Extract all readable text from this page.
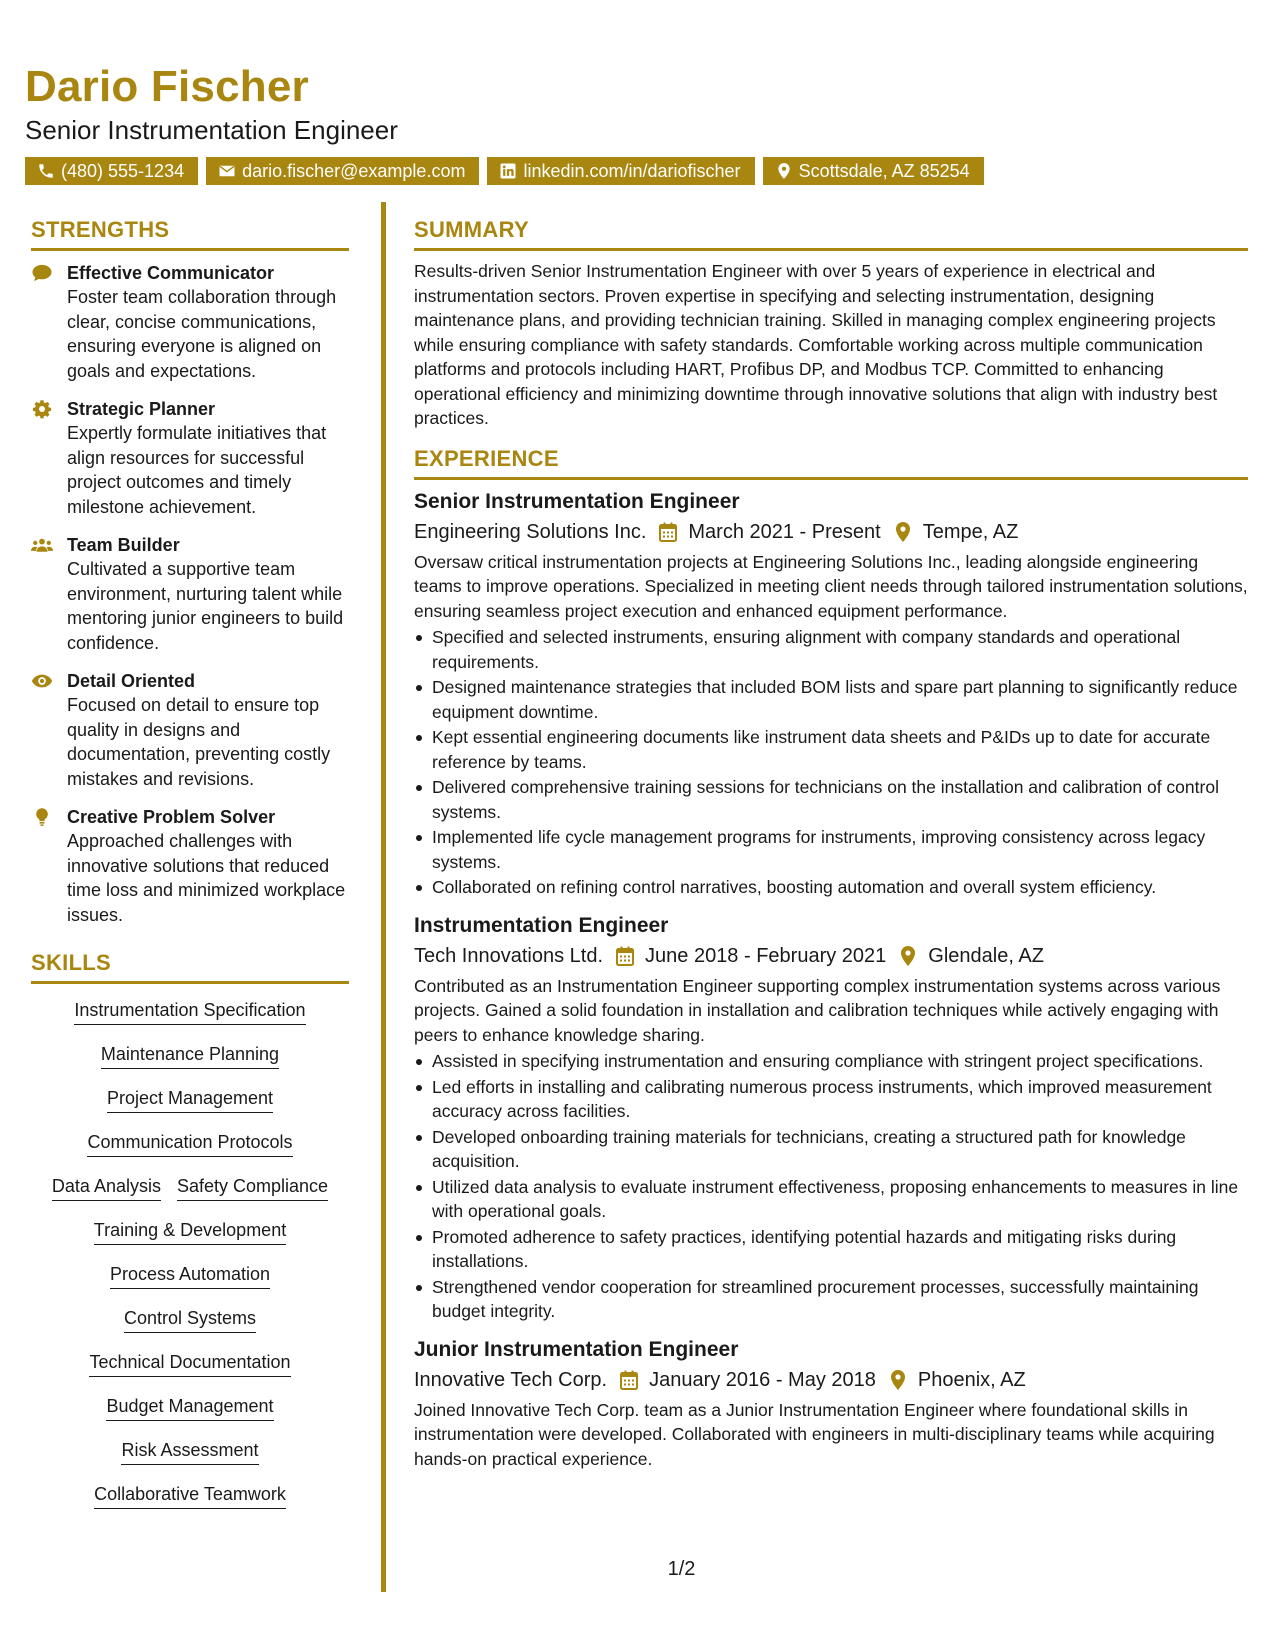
Dario Fischer
Senior Instrumentation Engineer
(480) 555-1234	dario.fischer@example.com	linkedin.com/in/dariofischer	Scottsdale, AZ 85254
STRENGTHS
Effective Communicator
Foster team collaboration through clear, concise communications, ensuring everyone is aligned on goals and expectations.
Strategic Planner
Expertly formulate initiatives that align resources for successful project outcomes and timely milestone achievement.
Team Builder
Cultivated a supportive team environment, nurturing talent while mentoring junior engineers to build confidence.
Detail Oriented
Focused on detail to ensure top quality in designs and documentation, preventing costly mistakes and revisions.
Creative Problem Solver
Approached challenges with innovative solutions that reduced time loss and minimized workplace issues.
SKILLS
Instrumentation Specification
Maintenance Planning
Project Management
Communication Protocols
Data Analysis Safety Compliance
Training & Development
Process Automation
Control Systems
Technical Documentation
Budget Management
Risk Assessment
Collaborative Teamwork
SUMMARY
Results-driven Senior Instrumentation Engineer with over 5 years of experience in electrical and instrumentation sectors. Proven expertise in specifying and selecting instrumentation, designing maintenance plans, and providing technician training. Skilled in managing complex engineering projects while ensuring compliance with safety standards. Comfortable working across multiple communication platforms and protocols including HART, Profibus DP, and Modbus TCP. Committed to enhancing operational efficiency and minimizing downtime through innovative solutions that align with industry best practices.
EXPERIENCE
Senior Instrumentation Engineer
Engineering Solutions Inc. March 2021 - Present Tempe, AZ
Oversaw critical instrumentation projects at Engineering Solutions Inc., leading alongside engineering teams to improve operations. Specialized in meeting client needs through tailored instrumentation solutions, ensuring seamless project execution and enhanced equipment performance.
Specified and selected instruments, ensuring alignment with company standards and operational requirements.
Designed maintenance strategies that included BOM lists and spare part planning to significantly reduce equipment downtime.
Kept essential engineering documents like instrument data sheets and P&IDs up to date for accurate reference by teams.
Delivered comprehensive training sessions for technicians on the installation and calibration of control systems.
Implemented life cycle management programs for instruments, improving consistency across legacy systems.
Collaborated on refining control narratives, boosting automation and overall system efficiency.
Instrumentation Engineer
Tech Innovations Ltd. June 2018 - February 2021 Glendale, AZ
Contributed as an Instrumentation Engineer supporting complex instrumentation systems across various projects. Gained a solid foundation in installation and calibration techniques while actively engaging with peers to enhance knowledge sharing.
Assisted in specifying instrumentation and ensuring compliance with stringent project specifications.
Led efforts in installing and calibrating numerous process instruments, which improved measurement accuracy across facilities.
Developed onboarding training materials for technicians, creating a structured path for knowledge acquisition.
Utilized data analysis to evaluate instrument effectiveness, proposing enhancements to measures in line with operational goals.
Promoted adherence to safety practices, identifying potential hazards and mitigating risks during installations.
Strengthened vendor cooperation for streamlined procurement processes, successfully maintaining budget integrity.
Junior Instrumentation Engineer
Innovative Tech Corp. January 2016 - May 2018 Phoenix, AZ
Joined Innovative Tech Corp. team as a Junior Instrumentation Engineer where foundational skills in instrumentation were developed. Collaborated with engineers in multi-disciplinary teams while acquiring hands-on practical experience.
1/2
